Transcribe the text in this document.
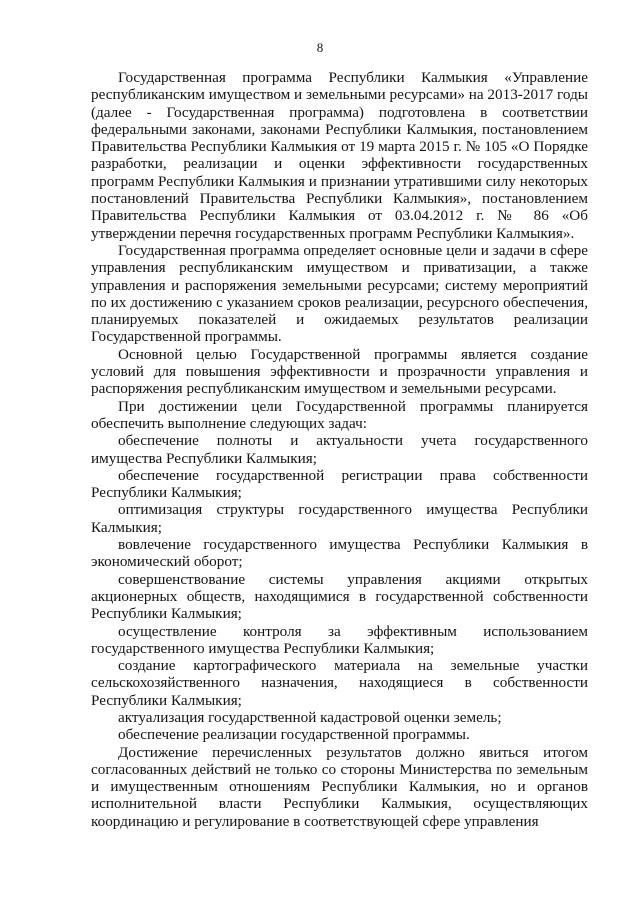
8

Государственная программа Республики Калмыкия «Управление республиканским имуществом и земельными ресурсами» на 2013-2017 годы (далее - Государственная программа) подготовлена в соответствии федеральными законами, законами Республики Калмыкия, постановлением Правительства Республики Калмыкия от 19 марта 2015 г. № 105 «О Порядке разработки, реализации и оценки эффективности государственных программ Республики Калмыкия и признании утратившими силу некоторых постановлений Правительства Республики Калмыкия», постановлением Правительства Республики Калмыкия от 03.04.2012 г. № 86 «Об утверждении перечня государственных программ Республики Калмыкия».

Государственная программа определяет основные цели и задачи в сфере управления республиканским имуществом и приватизации, а также управления и распоряжения земельными ресурсами; систему мероприятий по их достижению с указанием сроков реализации, ресурсного обеспечения, планируемых показателей и ожидаемых результатов реализации Государственной программы.

Основной целью Государственной программы является создание условий для повышения эффективности и прозрачности управления и распоряжения республиканским имуществом и земельными ресурсами.

При достижении цели Государственной программы планируется обеспечить выполнение следующих задач:

обеспечение полноты и актуальности учета государственного имущества Республики Калмыкия;

обеспечение государственной регистрации права собственности Республики Калмыкия;

оптимизация структуры государственного имущества Республики Калмыкия;

вовлечение государственного имущества Республики Калмыкия в экономический оборот;

совершенствование системы управления акциями открытых акционерных обществ, находящимися в государственной собственности Республики Калмыкия;

осуществление контроля за эффективным использованием государственного имущества Республики Калмыкия;

создание картографического материала на земельные участки сельскохозяйственного назначения, находящиеся в собственности Республики Калмыкия;

актуализация государственной кадастровой оценки земель;

обеспечение реализации государственной программы.

Достижение перечисленных результатов должно явиться итогом согласованных действий не только со стороны Министерства по земельным и имущественным отношениям Республики Калмыкия, но и органов исполнительной власти Республики Калмыкия, осуществляющих координацию и регулирование в соответствующей сфере управления
